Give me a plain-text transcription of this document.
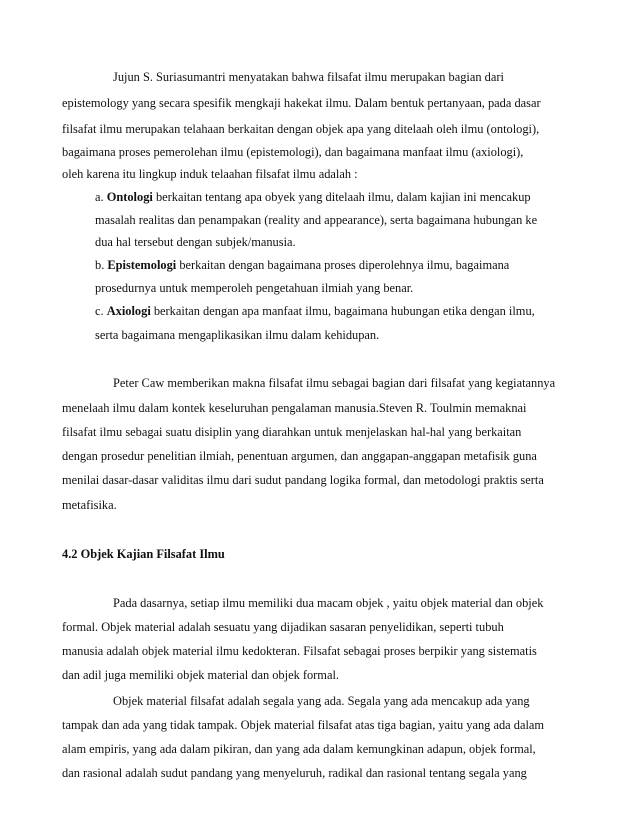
Jujun S. Suriasumantri menyatakan bahwa filsafat ilmu merupakan bagian dari
epistemology yang secara spesifik mengkaji hakekat ilmu. Dalam bentuk pertanyaan, pada dasar
filsafat ilmu merupakan telahaan berkaitan dengan objek apa yang ditelaah oleh ilmu (ontologi),
bagaimana proses pemerolehan ilmu (epistemologi), dan bagaimana manfaat ilmu (axiologi),
oleh karena itu lingkup induk telaahan filsafat ilmu adalah :
a. Ontologi berkaitan tentang apa obyek yang ditelaah ilmu, dalam kajian ini mencakup
masalah realitas dan penampakan (reality and appearance), serta bagaimana hubungan ke
dua hal tersebut dengan subjek/manusia.
b. Epistemologi berkaitan dengan bagaimana proses diperolehnya ilmu, bagaimana
prosedurnya untuk memperoleh pengetahuan ilmiah yang benar.
c. Axiologi berkaitan dengan apa manfaat ilmu, bagaimana hubungan etika dengan ilmu,
serta bagaimana mengaplikasikan ilmu dalam kehidupan.
Peter Caw memberikan makna filsafat ilmu sebagai bagian dari filsafat yang kegiatannya
menelaah ilmu dalam kontek keseluruhan pengalaman manusia.Steven R. Toulmin memaknai
filsafat ilmu sebagai suatu disiplin yang diarahkan untuk menjelaskan hal-hal yang berkaitan
dengan prosedur penelitian ilmiah, penentuan argumen, dan anggapan-anggapan metafisik guna
menilai dasar-dasar validitas ilmu dari sudut pandang logika formal, dan metodologi praktis serta
metafisika.
4.2 Objek Kajian Filsafat Ilmu
Pada dasarnya, setiap ilmu memiliki dua macam objek , yaitu objek material dan objek
formal. Objek material adalah sesuatu yang dijadikan sasaran penyelidikan, seperti tubuh
manusia adalah objek material ilmu kedokteran. Filsafat sebagai proses berpikir yang sistematis
dan adil juga memiliki objek material dan objek formal.
Objek material filsafat adalah segala yang ada. Segala yang ada mencakup ada yang
tampak dan ada yang tidak tampak. Objek material filsafat atas tiga bagian, yaitu yang ada dalam
alam empiris, yang ada dalam pikiran, dan yang ada dalam kemungkinan adapun, objek formal,
dan rasional adalah sudut pandang yang menyeluruh, radikal dan rasional tentang segala yang
